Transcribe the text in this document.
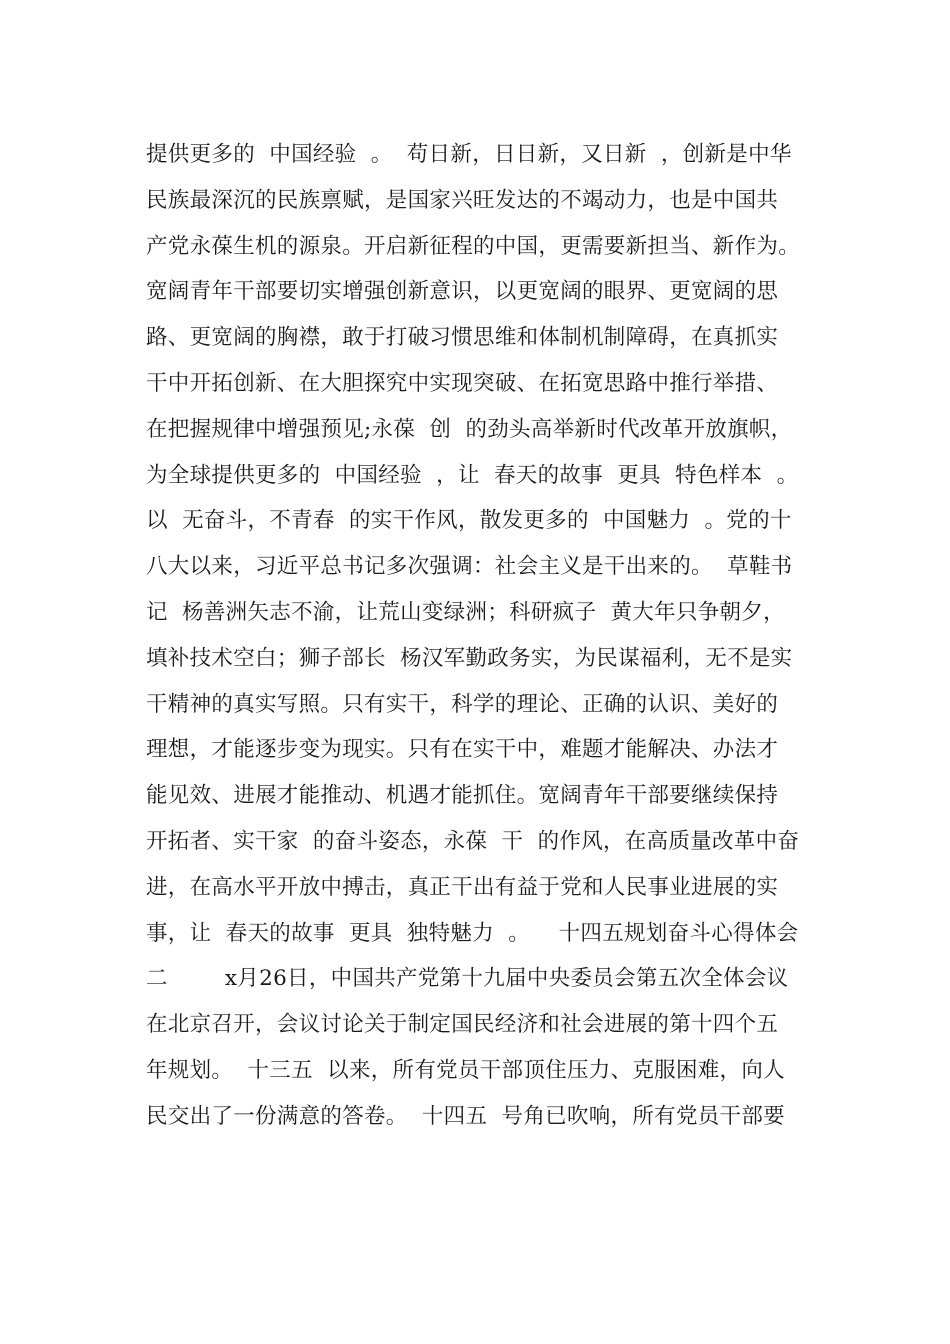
提供更多的  中国经验  。  苟日新，日日新，又日新  ，创新是中华
民族最深沉的民族禀赋，是国家兴旺发达的不竭动力，也是中国共
产党永葆生机的源泉。开启新征程的中国，更需要新担当、新作为。
宽阔青年干部要切实增强创新意识，以更宽阔的眼界、更宽阔的思
路、更宽阔的胸襟，敢于打破习惯思维和体制机制障碍，在真抓实
干中开拓创新、在大胆探究中实现突破、在拓宽思路中推行举措、
在把握规律中增强预见;永葆  创  的劲头高举新时代改革开放旗帜，
为全球提供更多的  中国经验  ，让  春天的故事  更具  特色样本  。
以  无奋斗，不青春  的实干作风，散发更多的  中国魅力  。党的十
八大以来，习近平总书记多次强调：社会主义是干出来的。  草鞋书
记  杨善洲矢志不渝，让荒山变绿洲；科研疯子  黄大年只争朝夕，
填补技术空白；狮子部长  杨汉军勤政务实，为民谋福利，无不是实
干精神的真实写照。只有实干，科学的理论、正确的认识、美好的
理想，才能逐步变为现实。只有在实干中，难题才能解决、办法才
能见效、进展才能推动、机遇才能抓住。宽阔青年干部要继续保持
开拓者、实干家  的奋斗姿态，永葆  干  的作风，在高质量改革中奋
进，在高水平开放中搏击，真正干出有益于党和人民事业进展的实
事，让  春天的故事  更具  独特魅力  。    十四五规划奋斗心得体会
二        x月26日，中国共产党第十九届中央委员会第五次全体会议
在北京召开，会议讨论关于制定国民经济和社会进展的第十四个五
年规划。  十三五  以来，所有党员干部顶住压力、克服困难，向人
民交出了一份满意的答卷。  十四五  号角已吹响，所有党员干部要
